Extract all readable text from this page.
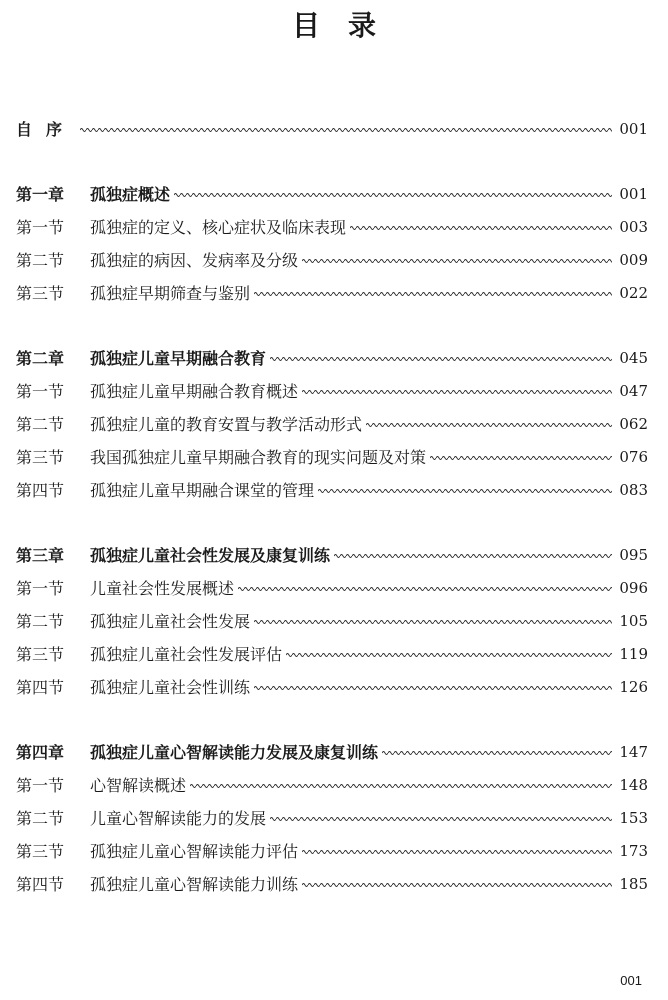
目录
自序	001
第一章	孤独症概述	001
第一节	孤独症的定义、核心症状及临床表现	003
第二节	孤独症的病因、发病率及分级	009
第三节	孤独症早期筛查与鉴别	022
第二章	孤独症儿童早期融合教育	045
第一节	孤独症儿童早期融合教育概述	047
第二节	孤独症儿童的教育安置与教学活动形式	062
第三节	我国孤独症儿童早期融合教育的现实问题及对策	076
第四节	孤独症儿童早期融合课堂的管理	083
第三章	孤独症儿童社会性发展及康复训练	095
第一节	儿童社会性发展概述	096
第二节	孤独症儿童社会性发展	105
第三节	孤独症儿童社会性发展评估	119
第四节	孤独症儿童社会性训练	126
第四章	孤独症儿童心智解读能力发展及康复训练	147
第一节	心智解读概述	148
第二节	儿童心智解读能力的发展	153
第三节	孤独症儿童心智解读能力评估	173
第四节	孤独症儿童心智解读能力训练	185
001
